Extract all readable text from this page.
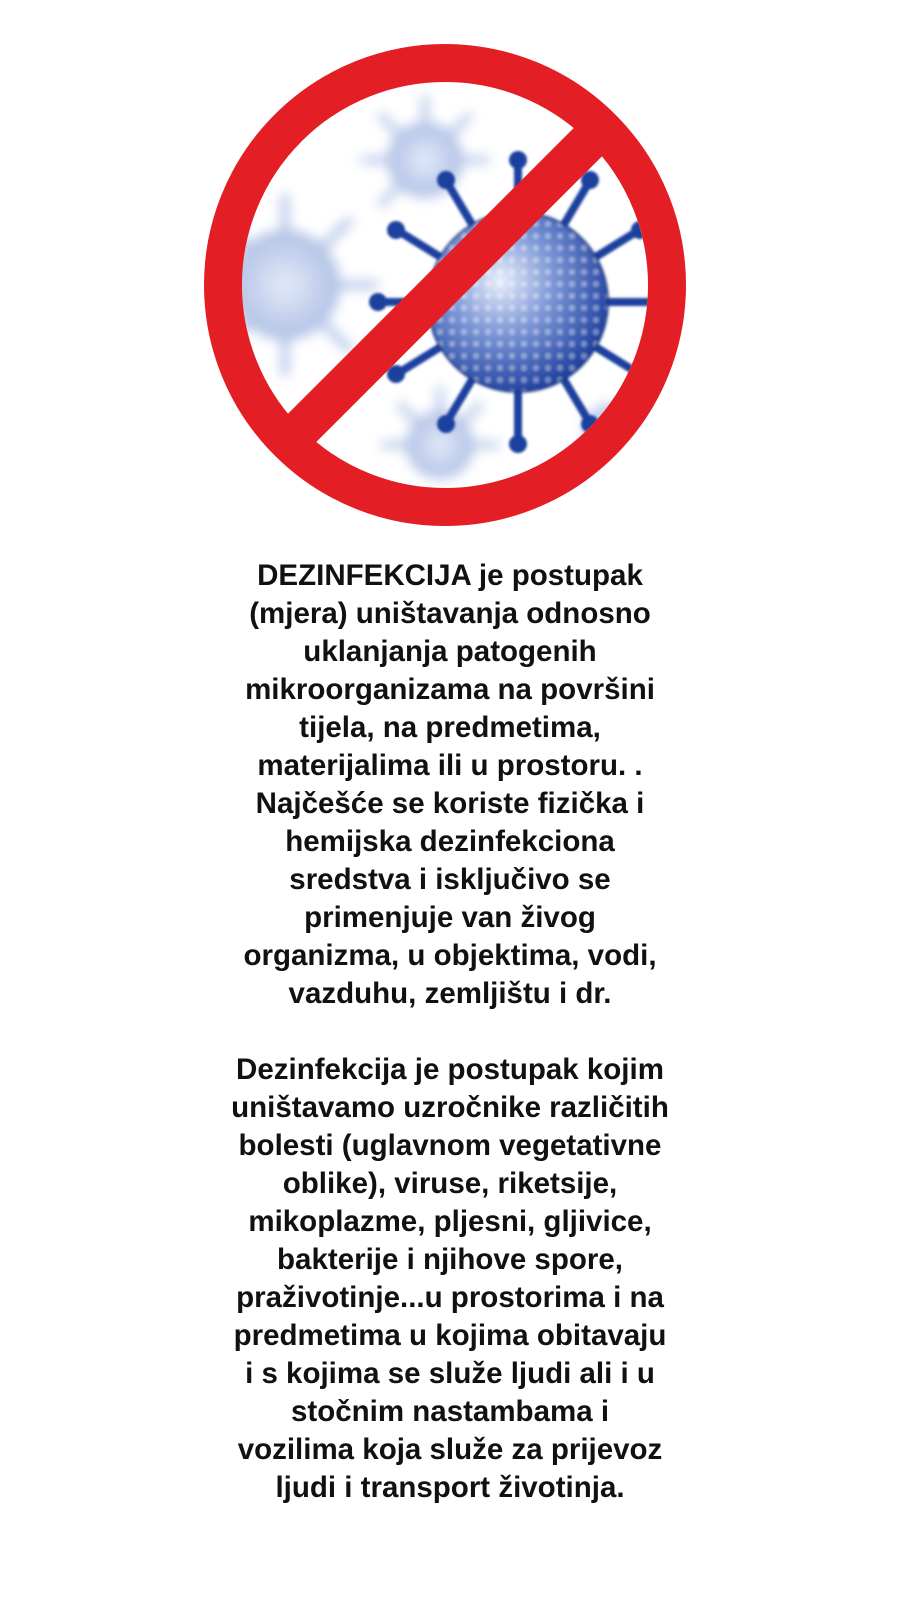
DEZINFEKCIJA je postupak
(mjera) uništavanja odnosno
uklanjanja patogenih
mikroorganizama na površini
tijela, na predmetima,
materijalima ili u prostoru. .
Najčešće se koriste fizička i
hemijska dezinfekciona
sredstva i isključivo se
primenjuje van živog
organizma, u objektima, vodi,
vazduhu, zemljištu i dr.
Dezinfekcija je postupak kojim
uništavamo uzročnike različitih
bolesti (uglavnom vegetativne
oblike), viruse, riketsije,
mikoplazme, pljesni, gljivice,
bakterije i njihove spore,
praživotinje...u prostorima i na
predmetima u kojima obitavaju
i s kojima se služe ljudi ali i u
stočnim nastambama i
vozilima koja služe za prijevoz
ljudi i transport životinja.
